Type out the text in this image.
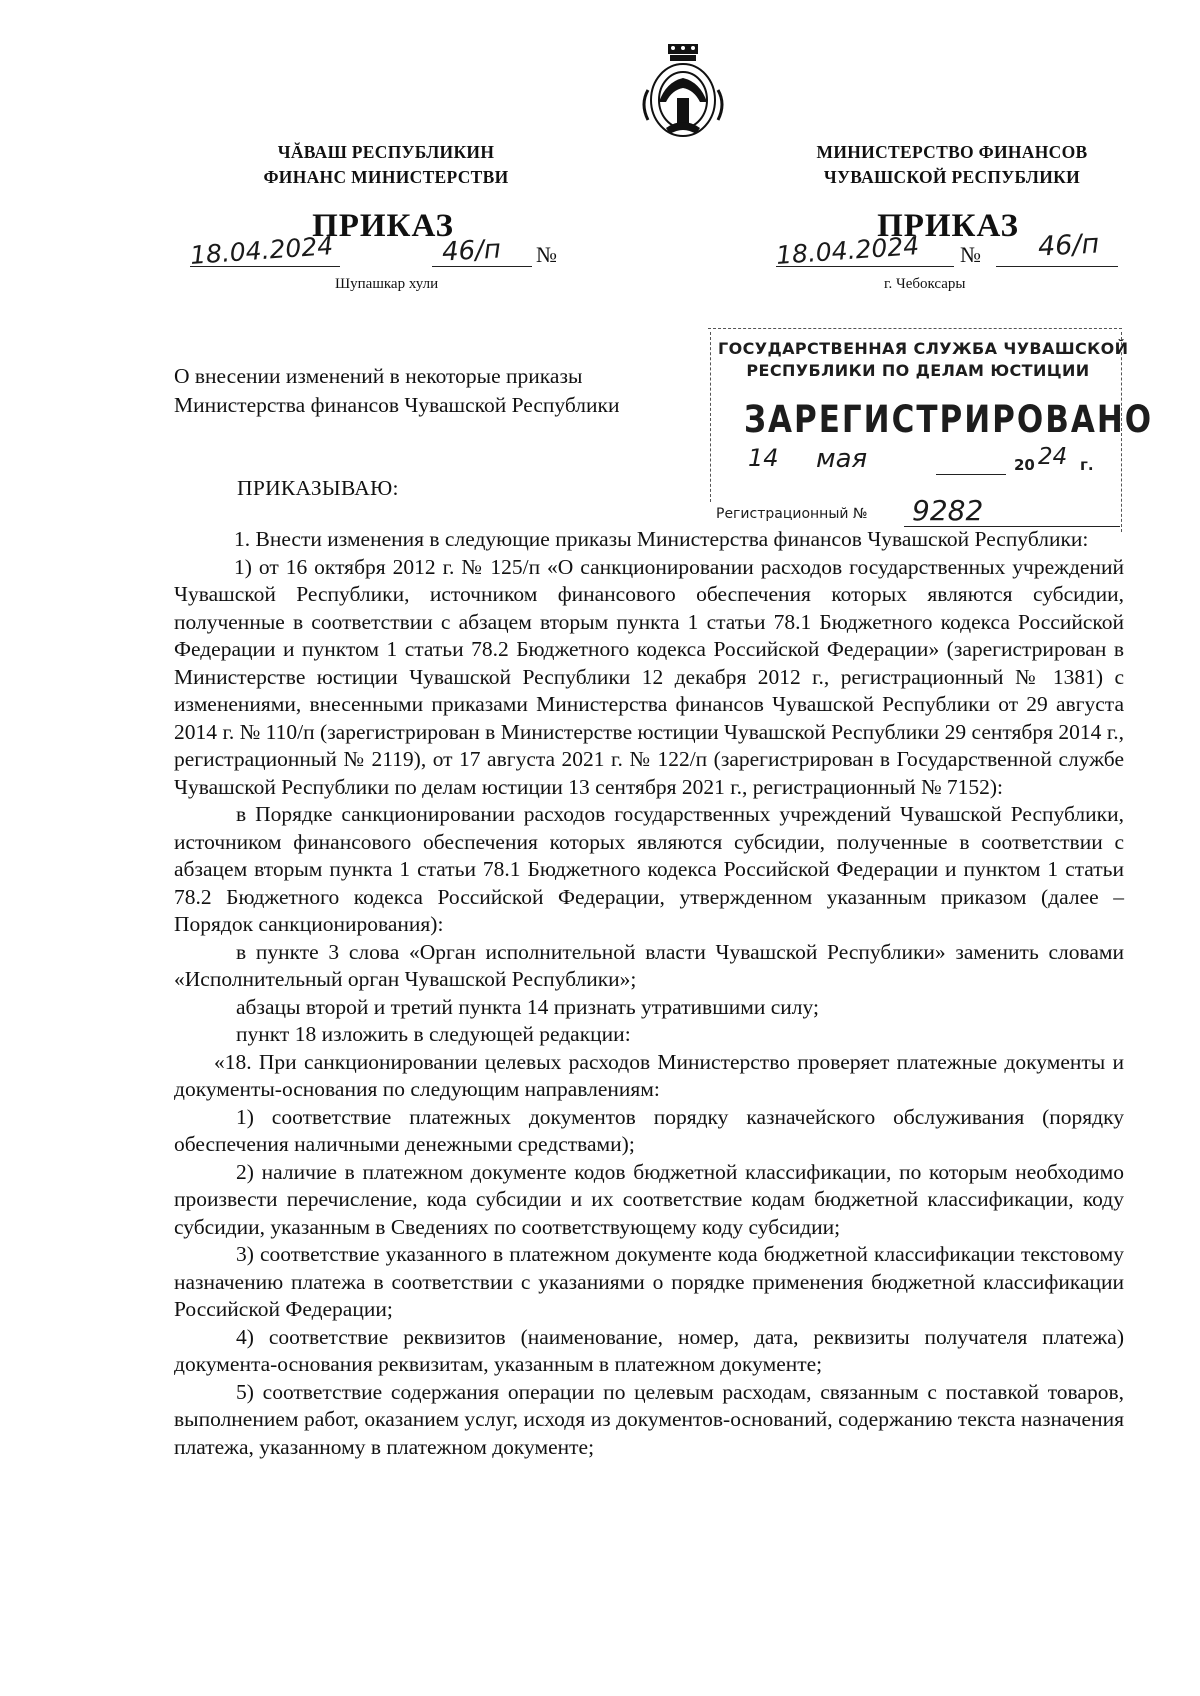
ЧĂВАШ РЕСПУБЛИКИН
ФИНАНС МИНИСТЕРСТВИ
МИНИСТЕРСТВО ФИНАНСОВ
ЧУВАШСКОЙ РЕСПУБЛИКИ
ПРИКАЗ	ПРИКАЗ
18.04.2024	46/п №
Шупашкар хули
18.04.2024 № 46/п
г. Чебоксары
О внесении изменений в некоторые приказы
Министерства финансов Чувашской Республики
ГОСУДАРСТВЕННАЯ СЛУЖБА ЧУВАШСКОЙ
РЕСПУБЛИКИ ПО ДЕЛАМ ЮСТИЦИИ
ЗАРЕГИСТРИРОВАНО
14 мая	20 24 г.
Регистрационный № 9282
ПРИКАЗЫВАЮ:

1. Внести изменения в следующие приказы Министерства финансов Чувашской Республики:

1) от 16 октября 2012 г. № 125/п «О санкционировании расходов государственных учреждений Чувашской Республики, источником финансового обеспечения которых являются субсидии, полученные в соответствии с абзацем вторым пункта 1 статьи 78.1 Бюджетного кодекса Российской Федерации и пунктом 1 статьи 78.2 Бюджетного кодекса Российской Федерации» (зарегистрирован в Министерстве юстиции Чувашской Республики 12 декабря 2012 г., регистрационный № 1381) с изменениями, внесенными приказами Министерства финансов Чувашской Республики от 29 августа 2014 г. № 110/п (зарегистрирован в Министерстве юстиции Чувашской Республики 29 сентября 2014 г., регистрационный № 2119), от 17 августа 2021 г. № 122/п (зарегистрирован в Государственной службе Чувашской Республики по делам юстиции 13 сентября 2021 г., регистрационный № 7152):

в Порядке санкционировании расходов государственных учреждений Чувашской Республики, источником финансового обеспечения которых являются субсидии, полученные в соответствии с абзацем вторым пункта 1 статьи 78.1 Бюджетного кодекса Российской Федерации и пунктом 1 статьи 78.2 Бюджетного кодекса Российской Федерации, утвержденном указанным приказом (далее – Порядок санкционирования):

в пункте 3 слова «Орган исполнительной власти Чувашской Республики» заменить словами «Исполнительный орган Чувашской Республики»;

абзацы второй и третий пункта 14 признать утратившими силу;

пункт 18 изложить в следующей редакции:

«18. При санкционировании целевых расходов Министерство проверяет платежные документы и документы-основания по следующим направлениям:

1) соответствие платежных документов порядку казначейского обслуживания (порядку обеспечения наличными денежными средствами);

2) наличие в платежном документе кодов бюджетной классификации, по которым необходимо произвести перечисление, кода субсидии и их соответствие кодам бюджетной классификации, коду субсидии, указанным в Сведениях по соответствующему коду субсидии;

3) соответствие указанного в платежном документе кода бюджетной классификации текстовому назначению платежа в соответствии с указаниями о порядке применения бюджетной классификации Российской Федерации;

4) соответствие реквизитов (наименование, номер, дата, реквизиты получателя платежа) документа-основания реквизитам, указанным в платежном документе;

5) соответствие содержания операции по целевым расходам, связанным с поставкой товаров, выполнением работ, оказанием услуг, исходя из документов-оснований, содержанию текста назначения платежа, указанному в платежном документе;
